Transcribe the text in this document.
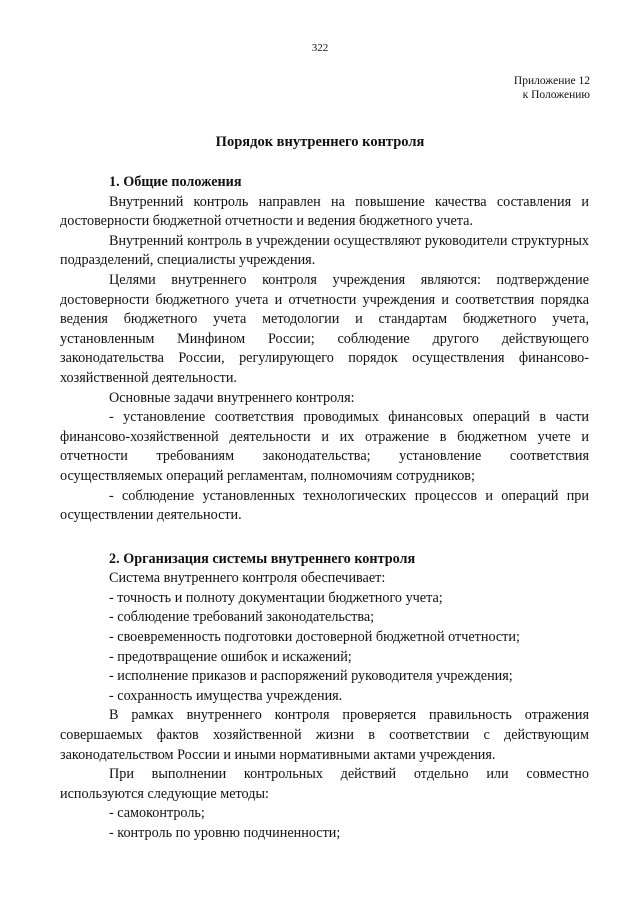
322
Приложение 12
к Положению
Порядок внутреннего контроля

1. Общие положения

Внутренний контроль направлен на повышение качества составления и достоверности бюджетной отчетности и ведения бюджетного учета.

Внутренний контроль в учреждении осуществляют руководители структурных подразделений, специалисты учреждения.

Целями внутреннего контроля учреждения являются: подтверждение достоверности бюджетного учета и отчетности учреждения и соответствия порядка ведения бюджетного учета методологии и стандартам бюджетного учета, установленным Минфином России; соблюдение другого действующего законодательства России, регулирующего порядок осуществления финансово-хозяйственной деятельности.

Основные задачи внутреннего контроля:

- установление соответствия проводимых финансовых операций в части финансово-хозяйственной деятельности и их отражение в бюджетном учете и отчетности требованиям законодательства; установление соответствия осуществляемых операций регламентам, полномочиям сотрудников;

- соблюдение установленных технологических процессов и операций при осуществлении деятельности.

2. Организация системы внутреннего контроля

Система внутреннего контроля обеспечивает:

- точность и полноту документации бюджетного учета;

- соблюдение требований законодательства;

- своевременность подготовки достоверной бюджетной отчетности;

- предотвращение ошибок и искажений;

- исполнение приказов и распоряжений руководителя учреждения;

- сохранность имущества учреждения.

В рамках внутреннего контроля проверяется правильность отражения совершаемых фактов хозяйственной жизни в соответствии с действующим законодательством России и иными нормативными актами учреждения.

При выполнении контрольных действий отдельно или совместно используются следующие методы:

- самоконтроль;

- контроль по уровню подчиненности;
